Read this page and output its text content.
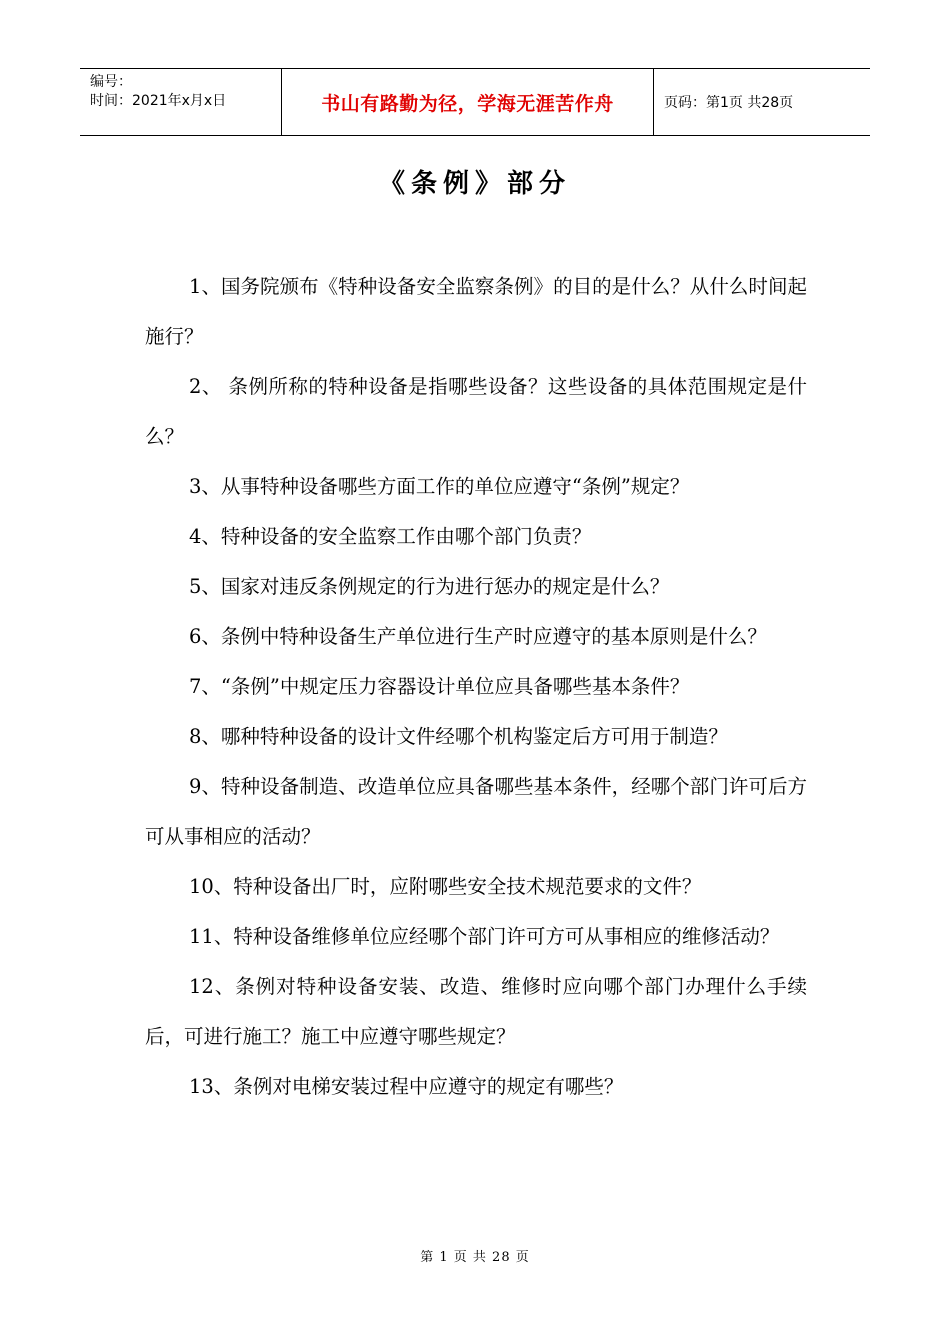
编号：
时间：2021年x月x日	书山有路勤为径，学海无涯苦作舟	页码：第1页 共28页
《条例》部分
1、国务院颁布《特种设备安全监察条例》的目的是什么？从什么时间起施行？
2、 条例所称的特种设备是指哪些设备？这些设备的具体范围规定是什么？
3、从事特种设备哪些方面工作的单位应遵守“条例”规定？
4、特种设备的安全监察工作由哪个部门负责？
5、国家对违反条例规定的行为进行惩办的规定是什么？
6、条例中特种设备生产单位进行生产时应遵守的基本原则是什么？
7、“条例”中规定压力容器设计单位应具备哪些基本条件？
8、哪种特种设备的设计文件经哪个机构鉴定后方可用于制造？
9、特种设备制造、改造单位应具备哪些基本条件，经哪个部门许可后方可从事相应的活动？
10、特种设备出厂时，应附哪些安全技术规范要求的文件？
11、特种设备维修单位应经哪个部门许可方可从事相应的维修活动？
12、条例对特种设备安装、改造、维修时应向哪个部门办理什么手续后，可进行施工？施工中应遵守哪些规定？
13、条例对电梯安装过程中应遵守的规定有哪些？
第 1 页 共 28 页
